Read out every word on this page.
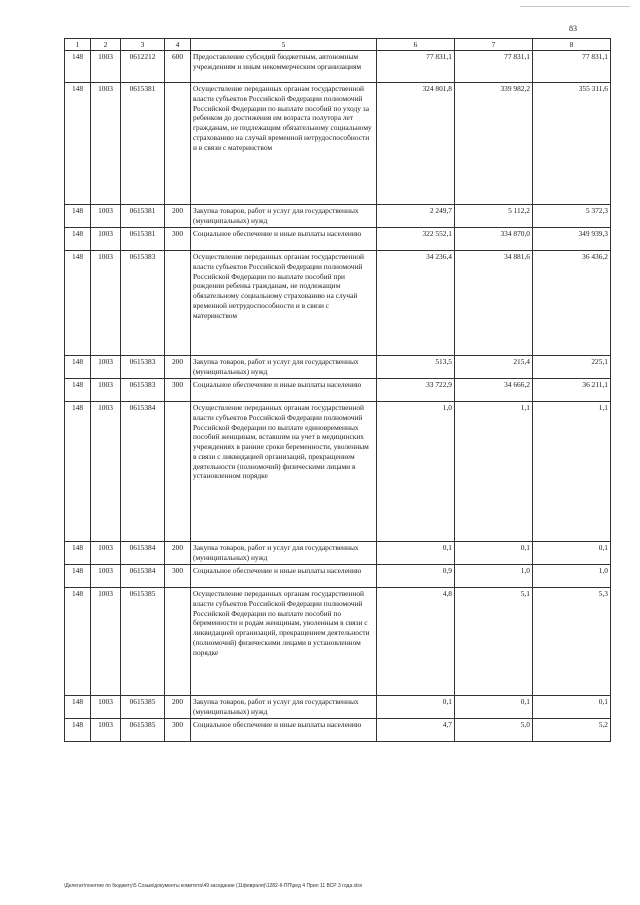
83
1	2	3	4	5	6	7	8
148	1003	0612212	600	Предоставление субсидий бюджетным, автономным учреждениям и иным некоммерческим организациям	77 831,1	77 831,1	77 831,1
148	1003	0615381		Осуществление переданных органам государственной власти субъектов Российской Федерации полномочий Российской Федерации по выплате пособий по уходу за ребенком до достижения им возраста полутора лет гражданам, не подлежащим обязательному социальному страхованию на случай временной нетрудоспособности и в связи с материнством	324 801,8	339 982,2	355 311,6
148	1003	0615381	200	Закупка товаров, работ и услуг для государственных (муниципальных) нужд	2 249,7	5 112,2	5 372,3
148	1003	0615381	300	Социальное обеспечение и иные выплаты населению	322 552,1	334 870,0	349 939,3
148	1003	0615383		Осуществление переданных органам государственной власти субъектов Российской Федерации полномочий Российской Федерации по выплате пособий при рождении ребенка гражданам, не подлежащим обязательному социальному страхованию на случай временной нетрудоспособности и в связи с материнством	34 236,4	34 881,6	36 436,2
148	1003	0615383	200	Закупка товаров, работ и услуг для государственных (муниципальных) нужд	513,5	215,4	225,1
148	1003	0615383	300	Социальное обеспечение и иные выплаты населению	33 722,9	34 666,2	36 211,1
148	1003	0615384		Осуществление переданных органам государственной власти субъектов Российской Федерации полномочий Российской Федерации по выплате единовременных пособий женщинам, вставшим на учет в медицинских учреждениях в ранние сроки беременности, уволенным в связи с ликвидацией организаций, прекращением деятельности (полномочий) физическими лицами в установленном порядке	1,0	1,1	1,1
148	1003	0615384	200	Закупка товаров, работ и услуг для государственных (муниципальных) нужд	0,1	0,1	0,1
148	1003	0615384	300	Социальное обеспечение и иные выплаты населению	0,9	1,0	1,0
148	1003	0615385		Осуществление переданных органам государственной власти субъектов Российской Федерации полномочий Российской Федерации по выплате пособий по беременности и родам женщинам, уволенным в связи с ликвидацией организаций, прекращением деятельности (полномочий) физическими лицами в установленном порядке	4,8	5,1	5,3
148	1003	0615385	200	Закупка товаров, работ и услуг для государственных (муниципальных) нужд	0,1	0,1	0,1
148	1003	0615385	300	Социальное обеспечение и иные выплаты населению	4,7	5,0	5,2
\Делегат\понятие по бюджету\5 Созыв\документы комитета\49 заседание (11февраля)\1282-II-ПП\ред 4 Прил 11 ВСР 3 года.xlsx
